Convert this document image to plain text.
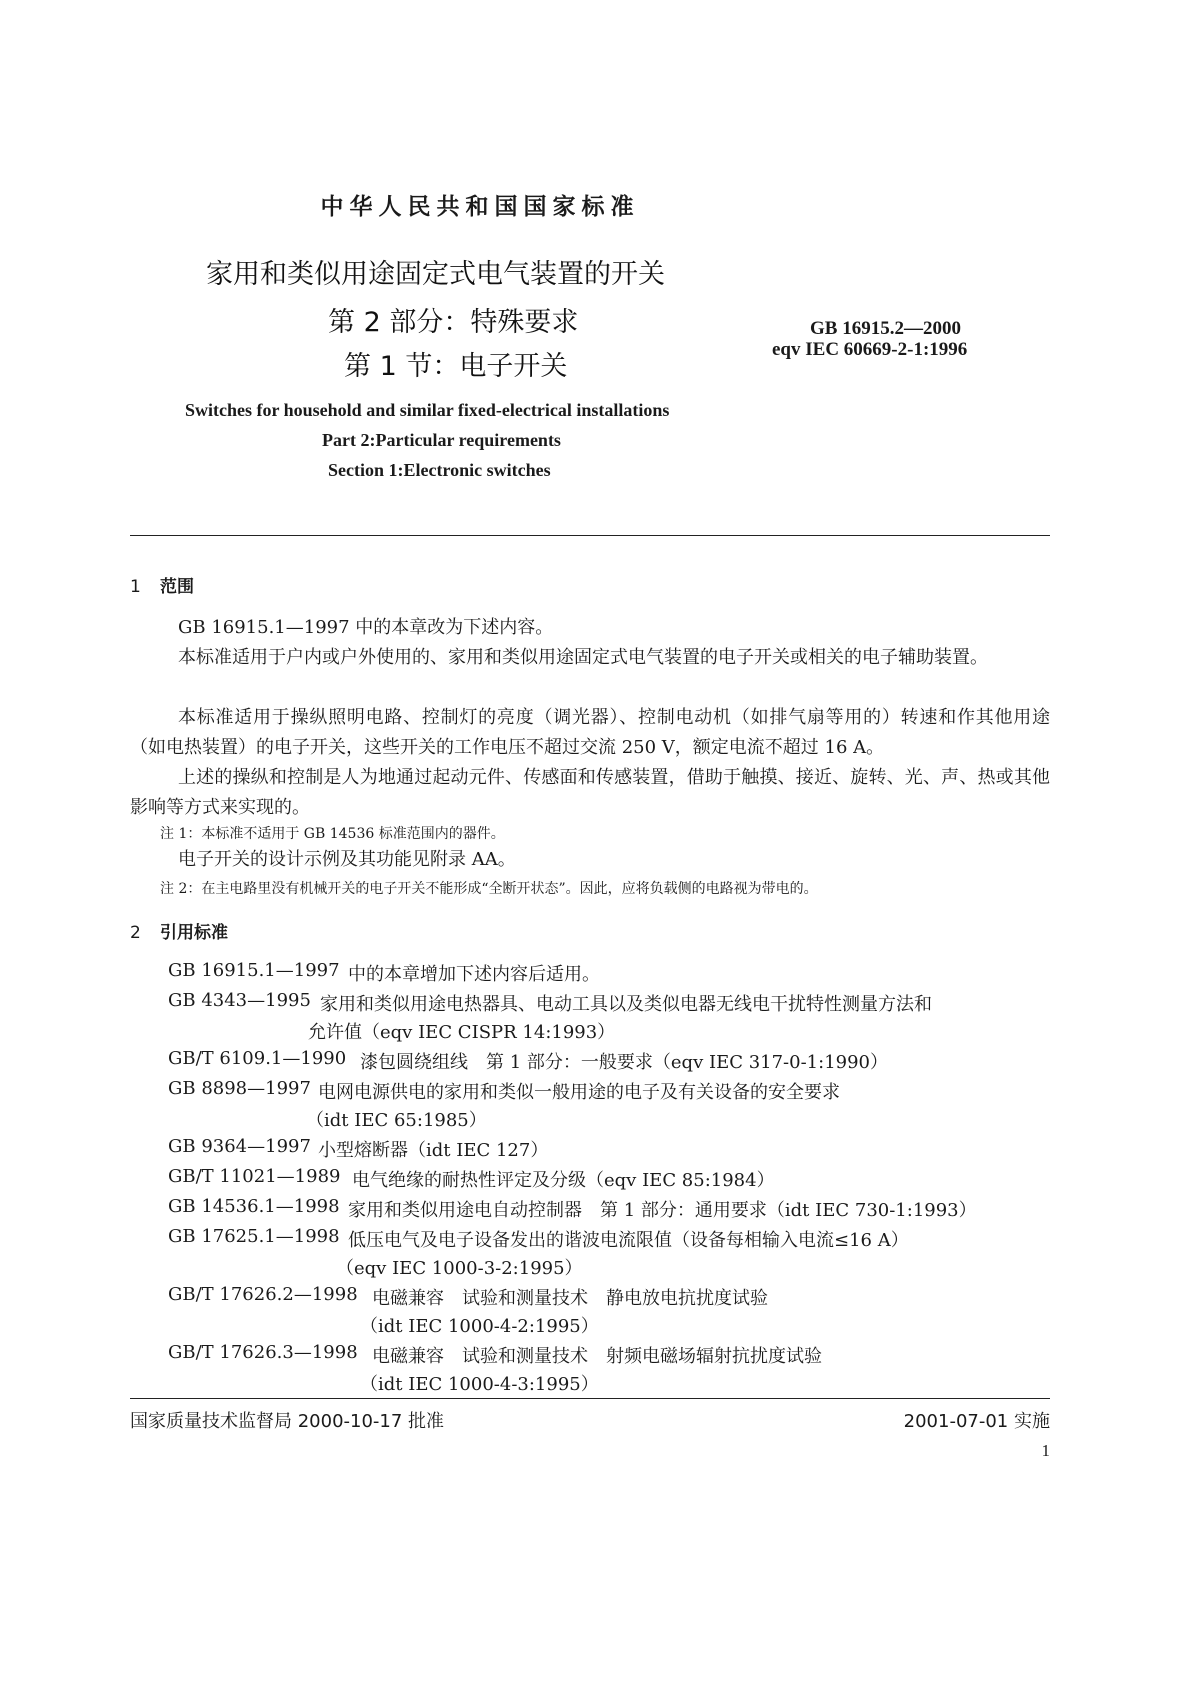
中华人民共和国国家标准
家用和类似用途固定式电气装置的开关
第 2 部分：特殊要求
第 1 节：电子开关
GB 16915.2—2000
eqv IEC 60669-2-1:1996
Switches for household and similar fixed-electrical installations
Part 2:Particular requirements
Section 1:Electronic switches
1 范围
GB 16915.1—1997 中的本章改为下述内容。
本标准适用于户内或户外使用的、家用和类似用途固定式电气装置的电子开关或相关的电子辅助装置。
本标准适用于操纵照明电路、控制灯的亮度（调光器）、控制电动机（如排气扇等用的）转速和作其他用途（如电热装置）的电子开关，这些开关的工作电压不超过交流 250 V，额定电流不超过 16 A。
上述的操纵和控制是人为地通过起动元件、传感面和传感装置，借助于触摸、接近、旋转、光、声、热或其他影响等方式来实现的。
注 1：本标准不适用于 GB 14536 标准范围内的器件。
电子开关的设计示例及其功能见附录 AA。
注 2：在主电路里没有机械开关的电子开关不能形成“全断开状态”。因此，应将负载侧的电路视为带电的。
2 引用标准
GB 16915.1—1997 中的本章增加下述内容后适用。
GB 4343—1995 家用和类似用途电热器具、电动工具以及类似电器无线电干扰特性测量方法和
允许值（eqv IEC CISPR 14:1993）
GB/T 6109.1—1990 漆包圆绕组线　第 1 部分：一般要求（eqv IEC 317-0-1:1990）
GB 8898—1997 电网电源供电的家用和类似一般用途的电子及有关设备的安全要求
（idt IEC 65:1985）
GB 9364—1997 小型熔断器（idt IEC 127）
GB/T 11021—1989 电气绝缘的耐热性评定及分级（eqv IEC 85:1984）
GB 14536.1—1998 家用和类似用途电自动控制器　第 1 部分：通用要求（idt IEC 730-1:1993）
GB 17625.1—1998 低压电气及电子设备发出的谐波电流限值（设备每相输入电流≤16 A）
（eqv IEC 1000-3-2:1995）
GB/T 17626.2—1998 电磁兼容　试验和测量技术　静电放电抗扰度试验
（idt IEC 1000-4-2:1995）
GB/T 17626.3—1998 电磁兼容　试验和测量技术　射频电磁场辐射抗扰度试验
（idt IEC 1000-4-3:1995）
国家质量技术监督局 2000-10-17 批准	2001-07-01 实施
1
